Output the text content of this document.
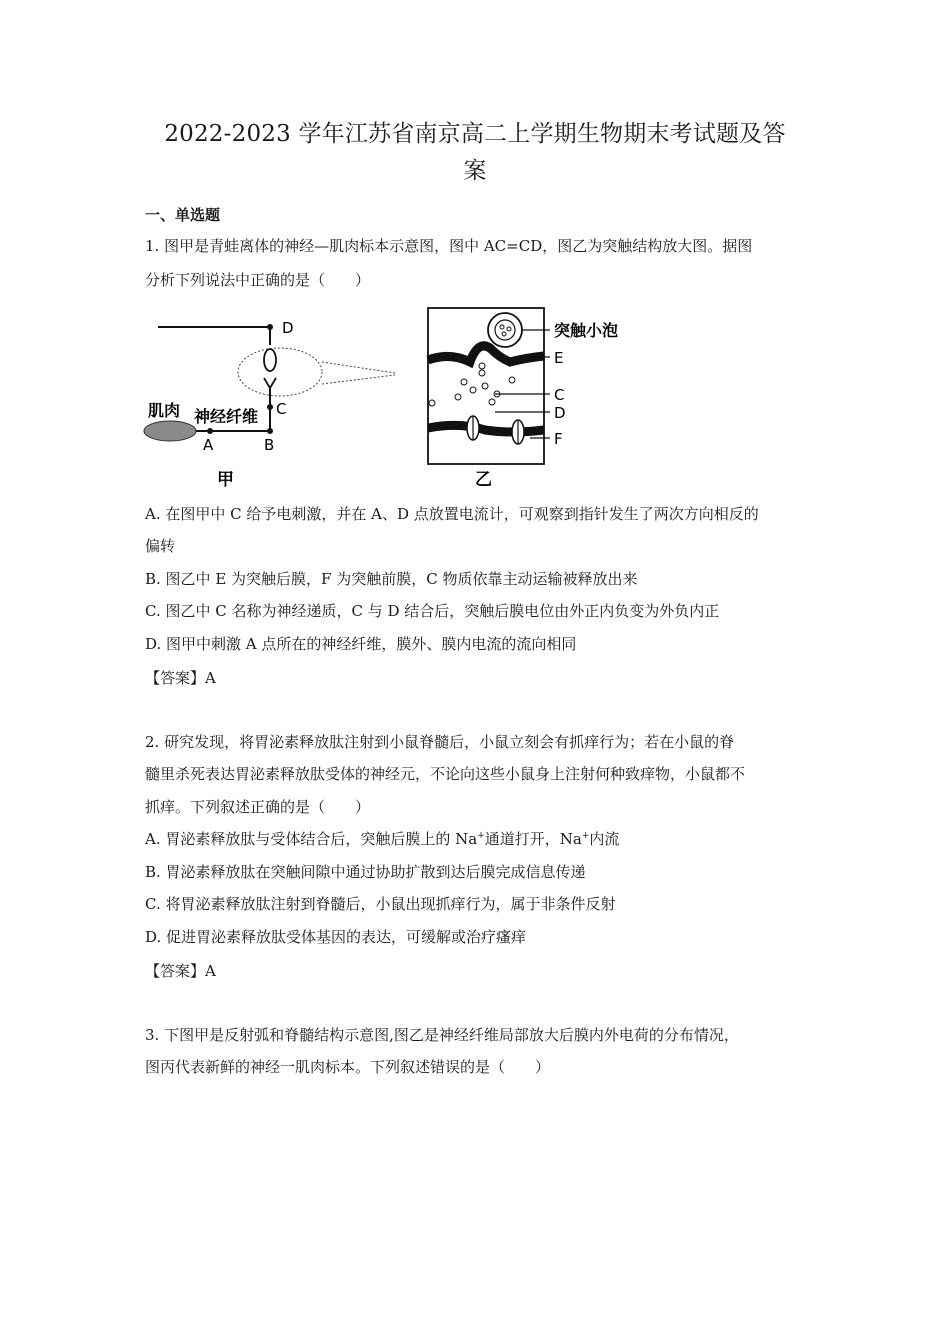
2022-2023 学年江苏省南京高二上学期生物期末考试题及答
案
一、单选题
1. 图甲是青蛙离体的神经—肌肉标本示意图，图中 AC=CD，图乙为突触结构放大图。据图
分析下列说法中正确的是（　　）
D
C
A	B
肌肉 神经纤维
甲
突触小泡
E
C
D
F
乙
A. 在图甲中 C 给予电刺激，并在 A、D 点放置电流计，可观察到指针发生了两次方向相反的
偏转
B. 图乙中 E 为突触后膜，F 为突触前膜，C 物质依靠主动运输被释放出来
C. 图乙中 C 名称为神经递质，C 与 D 结合后，突触后膜电位由外正内负变为外负内正
D. 图甲中刺激 A 点所在的神经纤维，膜外、膜内电流的流向相同
【答案】A
2. 研究发现，将胃泌素释放肽注射到小鼠脊髓后，小鼠立刻会有抓痒行为；若在小鼠的脊
髓里杀死表达胃泌素释放肽受体的神经元，不论向这些小鼠身上注射何种致痒物，小鼠都不
抓痒。下列叙述正确的是（　　）
A. 胃泌素释放肽与受体结合后，突触后膜上的 Na+通道打开，Na+内流
B. 胃泌素释放肽在突触间隙中通过协助扩散到达后膜完成信息传递
C. 将胃泌素释放肽注射到脊髓后，小鼠出现抓痒行为，属于非条件反射
D. 促进胃泌素释放肽受体基因的表达，可缓解或治疗瘙痒
【答案】A
3. 下图甲是反射弧和脊髓结构示意图,图乙是神经纤维局部放大后膜内外电荷的分布情况，
图丙代表新鲜的神经一肌肉标本。下列叙述错误的是（　　）
